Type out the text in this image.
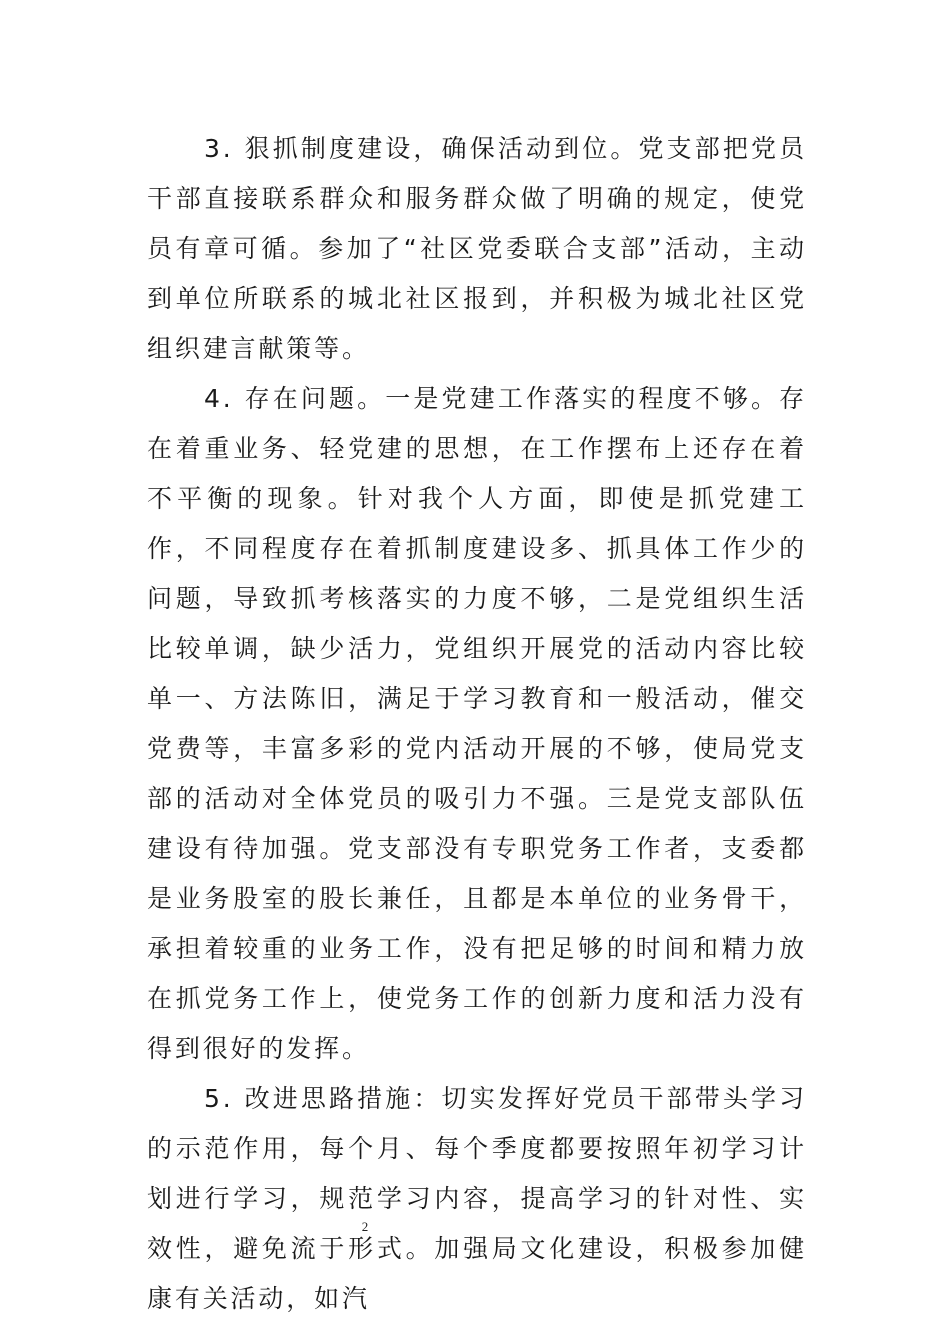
3. 狠抓制度建设，确保活动到位。党支部把党员干部直接联系群众和服务群众做了明确的规定，使党员有章可循。参加了“社区党委联合支部”活动，主动到单位所联系的城北社区报到，并积极为城北社区党组织建言献策等。

4. 存在问题。一是党建工作落实的程度不够。存在着重业务、轻党建的思想，在工作摆布上还存在着不平衡的现象。针对我个人方面，即使是抓党建工作，不同程度存在着抓制度建设多、抓具体工作少的问题，导致抓考核落实的力度不够，二是党组织生活比较单调，缺少活力，党组织开展党的活动内容比较单一、方法陈旧，满足于学习教育和一般活动，催交党费等，丰富多彩的党内活动开展的不够，使局党支部的活动对全体党员的吸引力不强。三是党支部队伍建设有待加强。党支部没有专职党务工作者，支委都是业务股室的股长兼任，且都是本单位的业务骨干，承担着较重的业务工作，没有把足够的时间和精力放在抓党务工作上，使党务工作的创新力度和活力没有得到很好的发挥。

5. 改进思路措施：切实发挥好党员干部带头学习的示范作用，每个月、每个季度都要按照年初学习计划进行学习，规范学习内容，提高学习的针对性、实效性，避免流于形式。加强局文化建设，积极参加健康有关活动，如汽

2
